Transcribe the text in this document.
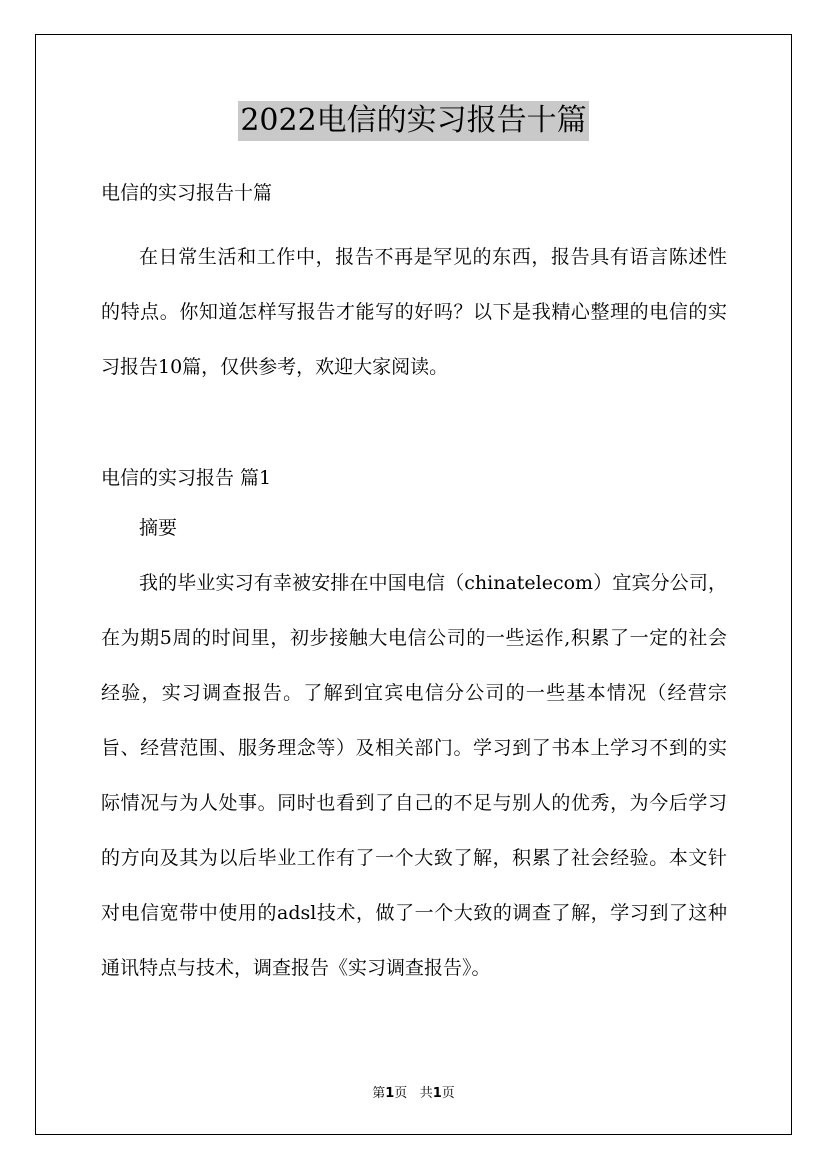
2022电信的实习报告十篇

电信的实习报告十篇

在日常生活和工作中，报告不再是罕见的东西，报告具有语言陈述性的特点。你知道怎样写报告才能写的好吗？以下是我精心整理的电信的实习报告10篇，仅供参考，欢迎大家阅读。

电信的实习报告 篇1

摘要

我的毕业实习有幸被安排在中国电信（chinatelecom）宜宾分公司，在为期5周的时间里，初步接触大电信公司的一些运作,积累了一定的社会经验，实习调查报告。了解到宜宾电信分公司的一些基本情况（经营宗旨、经营范围、服务理念等）及相关部门。学习到了书本上学习不到的实际情况与为人处事。同时也看到了自己的不足与别人的优秀，为今后学习的方向及其为以后毕业工作有了一个大致了解，积累了社会经验。本文针对电信宽带中使用的adsl技术，做了一个大致的调查了解，学习到了这种通讯特点与技术，调查报告《实习调查报告》。

第1页 共1页
